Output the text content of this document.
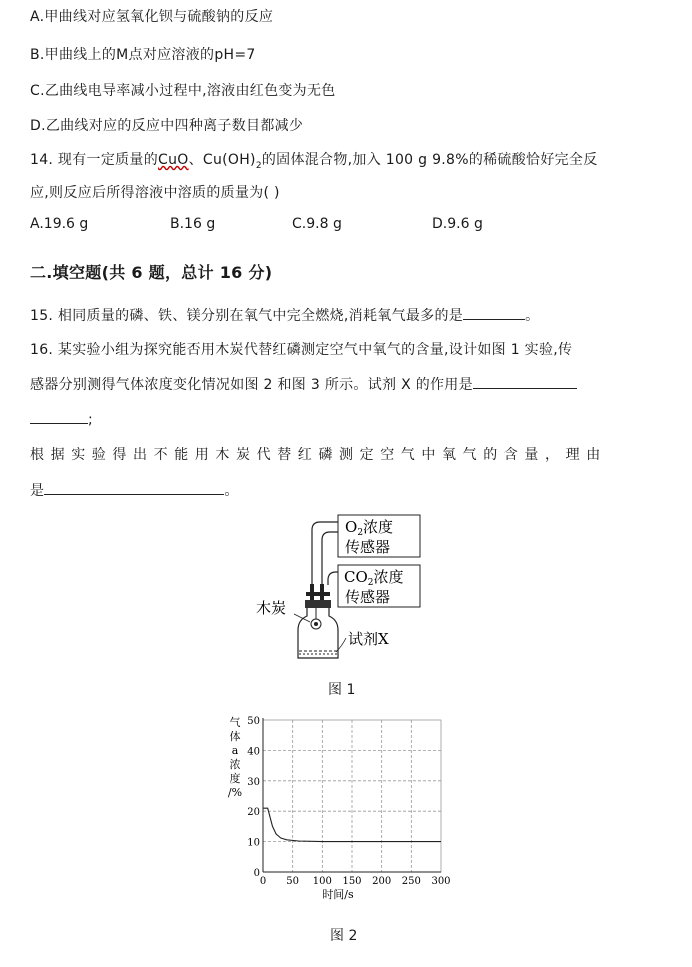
A.甲曲线对应氢氧化钡与硫酸钠的反应
B.甲曲线上的M点对应溶液的pH=7
C.乙曲线电导率减小过程中,溶液由红色变为无色
D.乙曲线对应的反应中四种离子数目都减少
14. 现有一定质量的CuO、$Cu(OH)_2$的固体混合物,加入 100 g 9.8%的稀硫酸恰好完全反
应,则反应后所得溶液中溶质的质量为( )
A.19.6 g	B.16 g	C.9.8 g	D.9.6 g
二.填空题(共 6 题，总计 16 分)
15. 相同质量的磷、铁、镁分别在氧气中完全燃烧,消耗氧气最多的是	。
16. 某实验小组为探究能否用木炭代替红磷测定空气中氧气的含量,设计如图 1 实验,传
感器分别测得气体浓度变化情况如图 2 和图 3 所示。试剂 X 的作用是
;
根据实验得出不能用木炭代替红磷测定空气中氧气的含量，理由
是	。
$O_2$浓度
传感器
$CO_2$浓度
传感器
木炭
试剂X
图 1
气
体
a
浓
度
/%
0 50 100 150 200 250 300
0
10
20
30
40
50
时间/s
图 2
